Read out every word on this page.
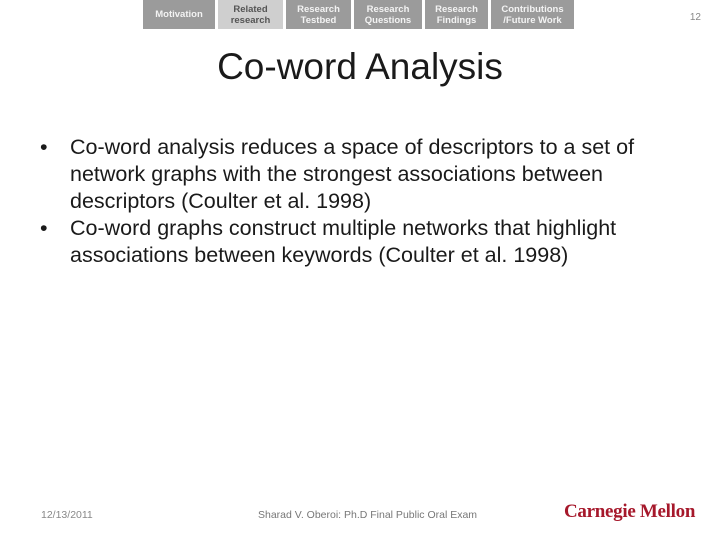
Motivation	Related
research
Research
Testbed
Research
Questions
Research
Findings
Contributions
/Future Work	12
Co-word Analysis
• Co-word analysis reduces a space of descriptors to a set of network graphs with the strongest associations between descriptors (Coulter et al. 1998)
• Co-word graphs construct multiple networks that highlight associations between keywords (Coulter et al. 1998)
12/13/2011	Sharad V. Oberoi: Ph.D Final Public Oral Exam	Carnegie Mellon
